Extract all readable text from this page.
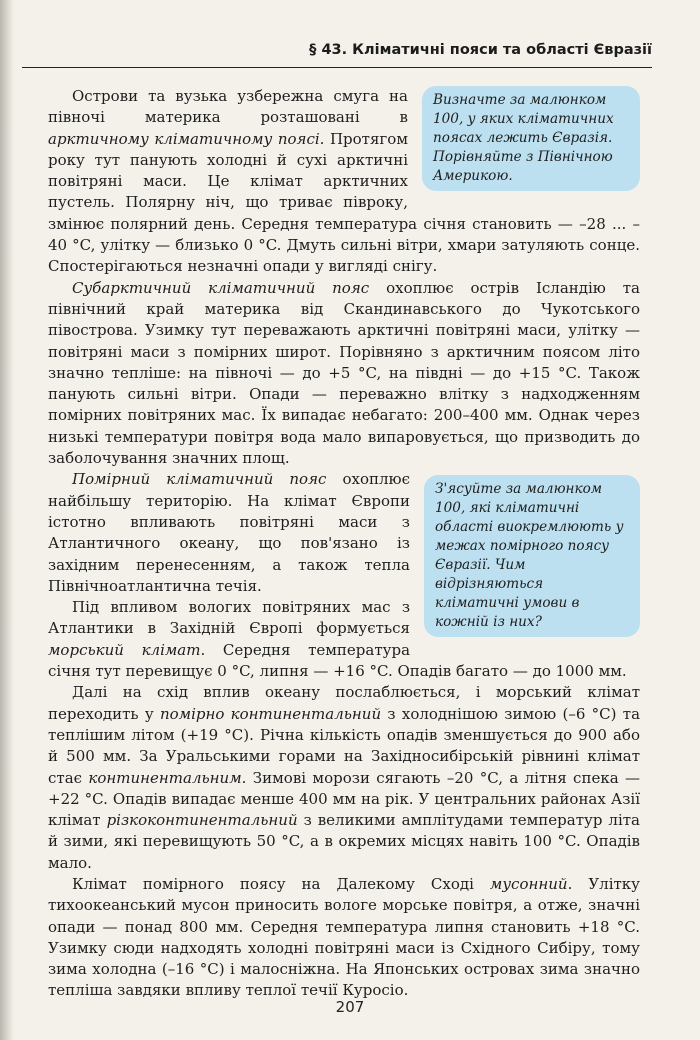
§ 43. Кліматичні пояси та області Євразії
Визначте за малюнком 100, у яких кліматичних поясах лежить Євразія. Порівняйте з Північною Америкою.

Острови та вузька узбережна смуга на півночі материка розташовані в арктичному кліматичному поясі. Протягом року тут панують холодні й сухі арктичні повітряні маси. Це клімат арктичних пустель. Полярну ніч, що триває півроку, змінює полярний день. Середня температура січня становить — –28 ... –40 °C, улітку — близько 0 °C. Дмуть сильні вітри, хмари затуляють сонце. Спостерігаються незначні опади у вигляді снігу.

Субарктичний кліматичний пояс охоплює острів Ісландію та північний край материка від Скандинавського до Чукотського півострова. Узимку тут переважають арктичні повітряні маси, улітку — повітряні маси з помірних широт. Порівняно з арктичним поясом літо значно тепліше: на півночі — до +5 °C, на півдні — до +15 °C. Також панують сильні вітри. Опади — переважно влітку з надходженням помірних повітряних мас. Їх випадає небагато: 200–400 мм. Однак через низькі температури повітря вода мало випаровується, що призводить до заболочування значних площ.

З'ясуйте за малюнком 100, які кліматичні області виокремлюють у межах помірного поясу Євразії. Чим відрізняються кліматичні умови в кожній із них?

Помірний кліматичний пояс охоплює найбільшу територію. На клімат Європи істотно впливають повітряні маси з Атлантичного океану, що пов'язано із західним перенесенням, а також тепла Північноатлантична течія.

Під впливом вологих повітряних мас з Атлантики в Західній Європі формується морський клімат. Середня температура січня тут перевищує 0 °C, липня — +16 °C. Опадів багато — до 1000 мм.

Далі на схід вплив океану послаблюється, і морський клімат переходить у помірно континентальний з холоднішою зимою (–6 °C) та теплішим літом (+19 °C). Річна кількість опадів зменшується до 900 або й 500 мм. За Уральськими горами на Західносибірській рівнині клімат стає континентальним. Зимові морози сягають –20 °C, а літня спека — +22 °C. Опадів випадає менше 400 мм на рік. У центральних районах Азії клімат різкоконтинентальний з великими амплітудами температур літа й зими, які перевищують 50 °C, а в окремих місцях навіть 100 °C. Опадів мало.

Клімат помірного поясу на Далекому Сході мусонний. Улітку тихоокеанський мусон приносить вологе морське повітря, а отже, значні опади — понад 800 мм. Середня температура липня становить +18 °C. Узимку сюди надходять холодні повітряні маси із Східного Сибіру, тому зима холодна (–16 °C) і малосніжна. На Японських островах зима значно тепліша завдяки впливу теплої течії Куросіо.

207
